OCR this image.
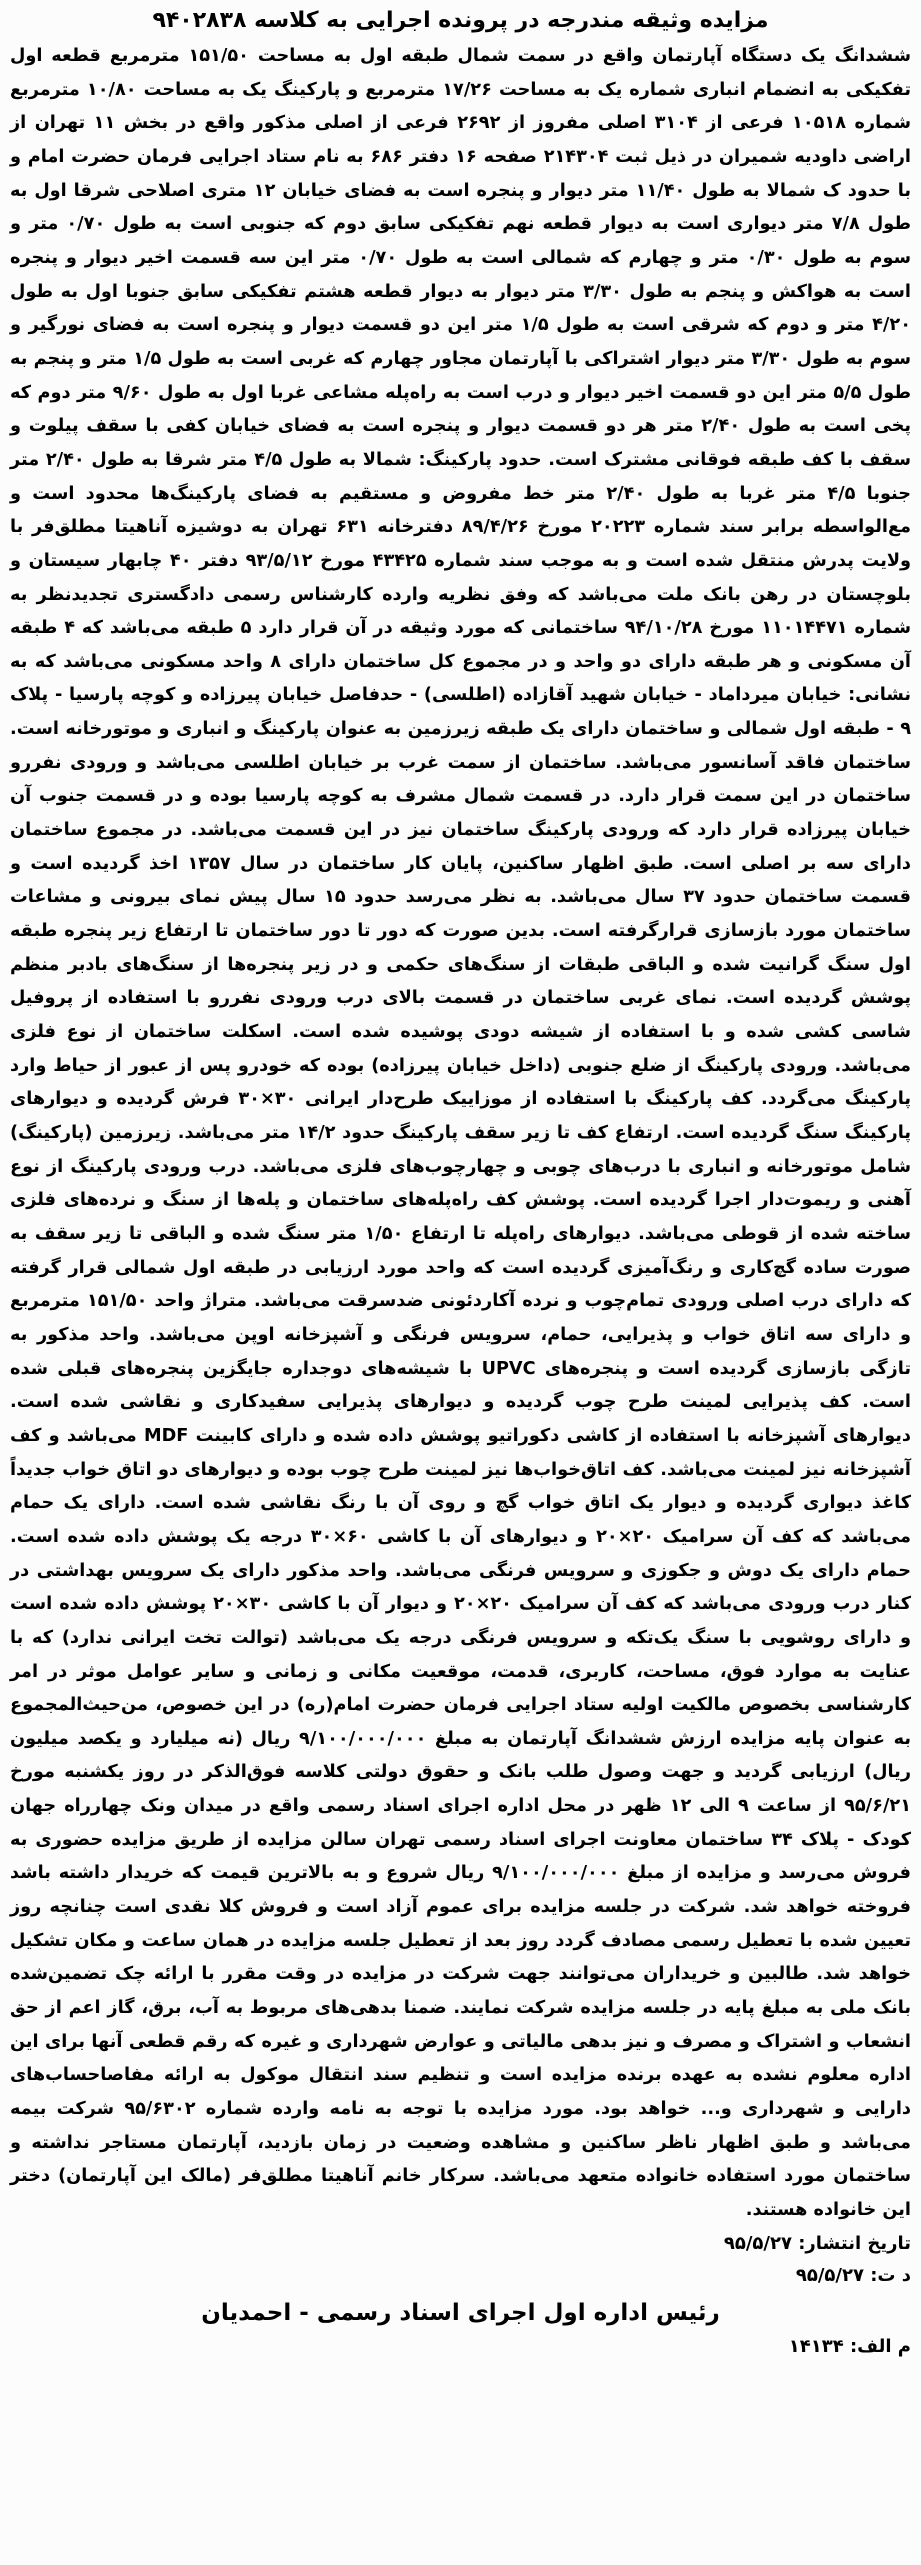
مزایده وثیقه مندرجه در پرونده اجرایی به کلاسه ۹۴۰۲۸۳۸

ششدانگ یک دستگاه آپارتمان واقع در سمت شمال طبقه اول به مساحت ۱۵۱/۵۰ مترمربع قطعه اول تفکیکی به انضمام انباری شماره یک به مساحت ۱۷/۲۶ مترمربع و پارکینگ یک به مساحت ۱۰/۸۰ مترمربع شماره ۱۰۵۱۸ فرعی از ۳۱۰۴ اصلی مفروز از ۲۶۹۲ فرعی از اصلی مذکور واقع در بخش ۱۱ تهران از اراضی داودیه شمیران در ذیل ثبت ۲۱۴۳۰۴ صفحه ۱۶ دفتر ۶۸۶ به نام ستاد اجرایی فرمان حضرت امام و با حدود ک شمالا به طول ۱۱/۴۰ متر دیوار و پنجره است به فضای خیابان ۱۲ متری اصلاحی شرقا اول به طول ۷/۸ متر دیواری است به دیوار قطعه نهم تفکیکی سابق دوم که جنوبی است به طول ۰/۷۰ متر و سوم به طول ۰/۳۰ متر و چهارم که شمالی است به طول ۰/۷۰ متر این سه قسمت اخیر دیوار و پنجره است به هواکش و پنجم به طول ۳/۳۰ متر دیوار به دیوار قطعه هشتم تفکیکی سابق جنوبا اول به طول ۴/۲۰ متر و دوم که شرقی است به طول ۱/۵ متر این دو قسمت دیوار و پنجره است به فضای نورگیر و سوم به طول ۳/۳۰ متر دیوار اشتراکی با آپارتمان مجاور چهارم که غربی است به طول ۱/۵ متر و پنجم به طول ۵/۵ متر این دو قسمت اخیر دیوار و درب است به راه‌پله مشاعی غربا اول به طول ۹/۶۰ متر دوم که پخی است به طول ۲/۴۰ متر هر دو قسمت دیوار و پنجره است به فضای خیابان کفی با سقف پیلوت و سقف با کف طبقه فوقانی مشترک است. حدود پارکینگ: شمالا به طول ۴/۵ متر شرقا به طول ۲/۴۰ متر جنوبا ۴/۵ متر غربا به طول ۲/۴۰ متر خط مفروض و مستقیم به فضای پارکینگ‌ها محدود است و مع‌الواسطه برابر سند شماره ۲۰۲۲۳ مورخ ۸۹/۴/۲۶ دفترخانه ۶۳۱ تهران به دوشیزه آناهیتا مطلق‌فر با ولایت پدرش منتقل شده است و به موجب سند شماره ۴۳۴۲۵ مورخ ۹۳/۵/۱۲ دفتر ۴۰ چابهار سیستان و بلوچستان در رهن بانک ملت می‌باشد که وفق نظریه وارده کارشناس رسمی دادگستری تجدیدنظر به شماره ۱۱۰۱۴۴۷۱ مورخ ۹۴/۱۰/۲۸ ساختمانی که مورد وثیقه در آن قرار دارد ۵ طبقه می‌باشد که ۴ طبقه آن مسکونی و هر طبقه دارای دو واحد و در مجموع کل ساختمان دارای ۸ واحد مسکونی می‌باشد که به نشانی: خیابان میرداماد - خیابان شهید آقازاده (اطلسی) - حدفاصل خیابان پیرزاده و کوچه پارسیا - پلاک ۹ - طبقه اول شمالی و ساختمان دارای یک طبقه زیرزمین به عنوان پارکینگ و انباری و موتورخانه است. ساختمان فاقد آسانسور می‌باشد. ساختمان از سمت غرب بر خیابان اطلسی می‌باشد و ورودی نفررو ساختمان در این سمت قرار دارد. در قسمت شمال مشرف به کوچه پارسیا بوده و در قسمت جنوب آن خیابان پیرزاده قرار دارد که ورودی پارکینگ ساختمان نیز در این قسمت می‌باشد. در مجموع ساختمان دارای سه بر اصلی است. طبق اظهار ساکنین، پایان کار ساختمان در سال ۱۳۵۷ اخذ گردیده است و قسمت ساختمان حدود ۳۷ سال می‌باشد. به نظر می‌رسد حدود ۱۵ سال پیش نمای بیرونی و مشاعات ساختمان مورد بازسازی قرارگرفته است. بدین صورت که دور تا دور ساختمان تا ارتفاع زیر پنجره طبقه اول سنگ گرانیت شده و الباقی طبقات از سنگ‌های حکمی و در زیر پنجره‌ها از سنگ‌های بادبر منظم پوشش گردیده است. نمای غربی ساختمان در قسمت بالای درب ورودی نفررو با استفاده از پروفیل شاسی کشی شده و با استفاده از شیشه دودی پوشیده شده است. اسکلت ساختمان از نوع فلزی می‌باشد. ورودی پارکینگ از ضلع جنوبی (داخل خیابان پیرزاده) بوده که خودرو پس از عبور از حیاط وارد پارکینگ می‌گردد. کف پارکینگ با استفاده از موزاییک طرح‌دار ایرانی ۳۰×۳۰ فرش گردیده و دیوارهای پارکینگ سنگ گردیده است. ارتفاع کف تا زیر سقف پارکینگ حدود ۱۴/۲ متر می‌باشد. زیرزمین (پارکینگ) شامل موتورخانه و انباری با درب‌های چوبی و چهارچوب‌های فلزی می‌باشد. درب ورودی پارکینگ از نوع آهنی و ریموت‌دار اجرا گردیده است. پوشش کف راه‌پله‌های ساختمان و پله‌ها از سنگ و نرده‌های فلزی ساخته شده از قوطی می‌باشد. دیوارهای راه‌پله تا ارتفاع ۱/۵۰ متر سنگ شده و الباقی تا زیر سقف به صورت ساده گچ‌کاری و رنگ‌آمیزی گردیده است که واحد مورد ارزیابی در طبقه اول شمالی قرار گرفته که دارای درب اصلی ورودی تمام‌چوب و نرده آکاردئونی ضدسرقت می‌باشد. متراژ واحد ۱۵۱/۵۰ مترمربع و دارای سه اتاق خواب و پذیرایی، حمام، سرویس فرنگی و آشپزخانه اوپن می‌باشد. واحد مذکور به تازگی بازسازی گردیده است و پنجره‌های UPVC با شیشه‌های دوجداره جایگزین پنجره‌های قبلی شده است. کف پذیرایی لمینت طرح چوب گردیده و دیوارهای پذیرایی سفیدکاری و نقاشی شده است. دیوارهای آشپزخانه با استفاده از کاشی دکوراتیو پوشش داده شده و دارای کابینت MDF می‌باشد و کف آشپزخانه نیز لمینت می‌باشد. کف اتاق‌خواب‌ها نیز لمینت طرح چوب بوده و دیوارهای دو اتاق خواب جدیداً کاغذ دیواری گردیده و دیوار یک اتاق خواب گچ و روی آن با رنگ نقاشی شده است. دارای یک حمام می‌باشد که کف آن سرامیک ۲۰×۲۰ و دیوارهای آن با کاشی ۶۰×۳۰ درجه یک پوشش داده شده است. حمام دارای یک دوش و جکوزی و سرویس فرنگی می‌باشد. واحد مذکور دارای یک سرویس بهداشتی در کنار درب ورودی می‌باشد که کف آن سرامیک ۲۰×۲۰ و دیوار آن با کاشی ۳۰×۲۰ پوشش داده شده است و دارای روشویی با سنگ یک‌تکه و سرویس فرنگی درجه یک می‌باشد (توالت تخت ایرانی ندارد) که با عنایت به موارد فوق، مساحت، کاربری، قدمت، موقعیت مکانی و زمانی و سایر عوامل موثر در امر کارشناسی بخصوص مالکیت اولیه ستاد اجرایی فرمان حضرت امام(ره) در این خصوص، من‌حیث‌المجموع به عنوان پایه مزایده ارزش ششدانگ آپارتمان به مبلغ ۹/۱۰۰/۰۰۰/۰۰۰ ریال (نه میلیارد و یکصد میلیون ریال) ارزیابی گردید و جهت وصول طلب بانک و حقوق دولتی کلاسه فوق‌الذکر در روز یکشنبه مورخ ۹۵/۶/۲۱ از ساعت ۹ الی ۱۲ ظهر در محل اداره اجرای اسناد رسمی واقع در میدان ونک چهارراه جهان کودک - پلاک ۳۴ ساختمان معاونت اجرای اسناد رسمی تهران سالن مزایده از طریق مزایده حضوری به فروش می‌رسد و مزایده از مبلغ ۹/۱۰۰/۰۰۰/۰۰۰ ریال شروع و به بالاترین قیمت که خریدار داشته باشد فروخته خواهد شد. شرکت در جلسه مزایده برای عموم آزاد است و فروش کلا نقدی است چنانچه روز تعیین شده با تعطیل رسمی مصادف گردد روز بعد از تعطیل جلسه مزایده در همان ساعت و مکان تشکیل خواهد شد. طالبین و خریداران می‌توانند جهت شرکت در مزایده در وقت مقرر با ارائه چک تضمین‌شده بانک ملی به مبلغ پایه در جلسه مزایده شرکت نمایند. ضمنا بدهی‌های مربوط به آب، برق، گاز اعم از حق انشعاب و اشتراک و مصرف و نیز بدهی مالیاتی و عوارض شهرداری و غیره که رقم قطعی آنها برای این اداره معلوم نشده به عهده برنده مزایده است و تنظیم سند انتقال موکول به ارائه مفاصاحساب‌های دارایی و شهرداری و... خواهد بود. مورد مزایده با توجه به نامه وارده شماره ۹۵/۶۳۰۲ شرکت بیمه می‌باشد و طبق اظهار ناظر ساکنین و مشاهده وضعیت در زمان بازدید، آپارتمان مستاجر نداشته و ساختمان مورد استفاده خانواده متعهد می‌باشد. سرکار خانم آناهیتا مطلق‌فر (مالک این آپارتمان) دختر این خانواده هستند.

تاریخ انتشار: ۹۵/۵/۲۷
د ت: ۹۵/۵/۲۷
رئیس اداره اول اجرای اسناد رسمی - احمدیان
م الف: ۱۴۱۳۴
